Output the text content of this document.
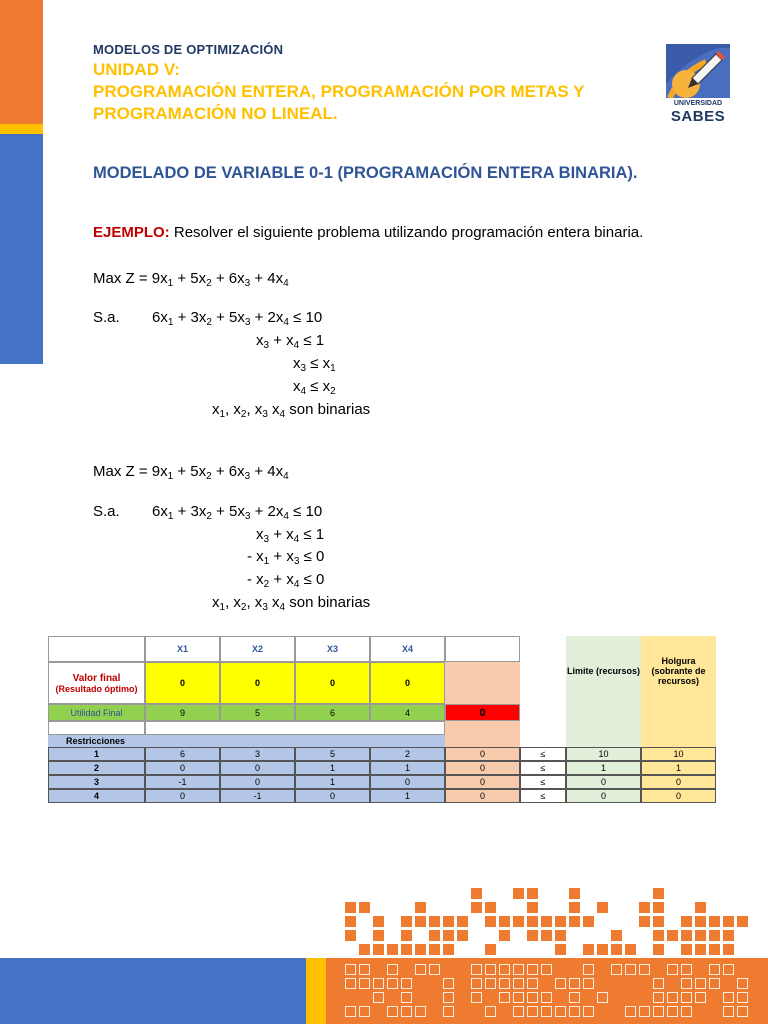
MODELOS DE OPTIMIZACIÓN
UNIDAD V:
PROGRAMACIÓN ENTERA, PROGRAMACIÓN POR METAS Y
PROGRAMACIÓN NO LINEAL.
UNIVERSIDAD
SABES
MODELADO DE VARIABLE 0-1 (PROGRAMACIÓN ENTERA BINARIA).
EJEMPLO: Resolver el siguiente problema utilizando programación entera binaria.
Max $Z = 9x_1 + 5x_2 + 6x_3 + 4x_4$
S.a. $6x_1 + 3x_2 + 5x_3 + 2x_4 \le 10$
$x_3 + x_4 \le 1$
$x_3 \le x_1$
$x_4 \le x_2$
$x_1$, $x_2$, $x_3$ $x_4$ son binarias
Max $Z = 9x_1 + 5x_2 + 6x_3 + 4x_4$
S.a. $6x_1 + 3x_2 + 5x_3 + 2x_4 \le 10$
$x_3 + x_4 \le 1$
- $x_1 + x_3 \le 0$
- $x_2 + x_4 \le 0$
$x_1$, $x_2$, $x_3$ $x_4$ son binarias
X1	X2	X3	X4
Limite (recursos)
Holgura (sobrante de recursos)
Valor final
(Resultado óptimo)
0	0	0	0
Utilidad Final	9	5	6	4	0
Restricciones
1	6	3	5	2	0	≤	10	10
2	0	0	1	1	0	≤	1	1
3	-1	0	1	0	0	≤	0	0
4	0	-1	0	1	0	≤	0	0
